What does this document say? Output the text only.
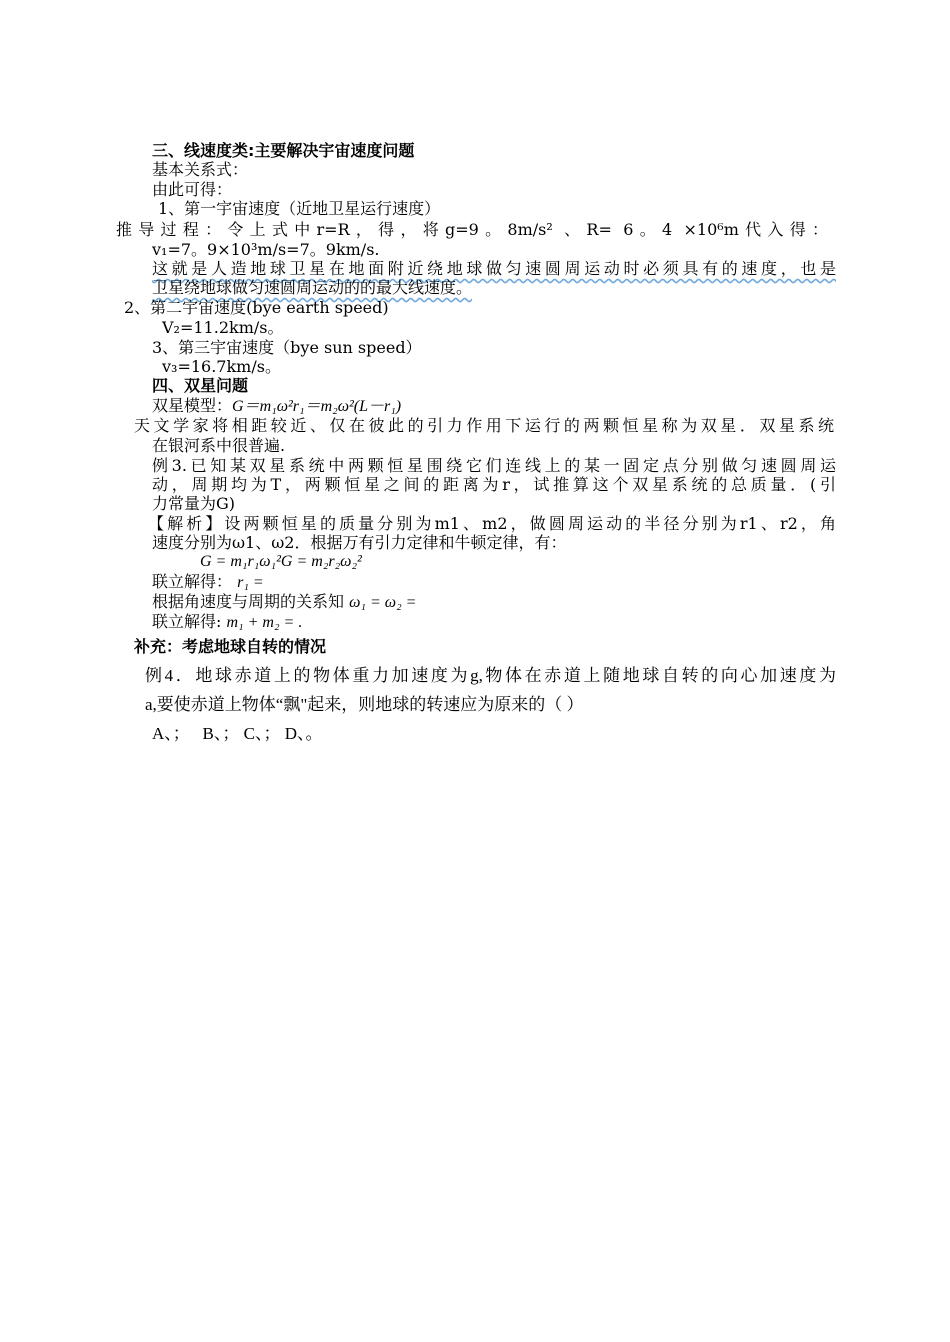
三、线速度类:主要解决宇宙速度问题
基本关系式：
由此可得：
1、第一宇宙速度（近地卫星运行速度）
推导过程：令上式中r=R，得，将g=9。8m/s² 、R= 6。4 ×10⁶m代入得：
v₁=7。9×10³m/s=7。9km/s.
这就是人造地球卫星在地面附近绕地球做匀速圆周运动时必须具有的速度，也是
卫星绕地球做匀速圆周运动的的最大线速度。
2、第二宇宙速度(bye earth speed)
V₂=11.2km/s。
3、第三宇宙速度（bye sun speed）
v₃=16.7km/s。
四、双星问题
双星模型：G＝m₁ω²r₁＝m₂ω²(L－r₁)
天文学家将相距较近、仅在彼此的引力作用下运行的两颗恒星称为双星．双星系统
在银河系中很普遍.
例3.已知某双星系统中两颗恒星围绕它们连线上的某一固定点分别做匀速圆周运
动，周期均为T，两颗恒星之间的距离为r，试推算这个双星系统的总质量．(引
力常量为G)
【解析】设两颗恒星的质量分别为m1、m2，做圆周运动的半径分别为r1、r2，角
速度分别为ω1、ω2．根据万有引力定律和牛顿定律，有：
G = m₁r₁ω₁²G = m₂r₂ω₂²
联立解得： r₁ =
根据角速度与周期的关系知 ω₁ = ω₂ =
联立解得: m₁ + m₂ = .
补充：考虑地球自转的情况
例4．地球赤道上的物体重力加速度为g,物体在赤道上随地球自转的向心加速度为
a,要使赤道上物体“飘"起来，则地球的转速应为原来的（ ）
A、；   B、； C、； D、。
